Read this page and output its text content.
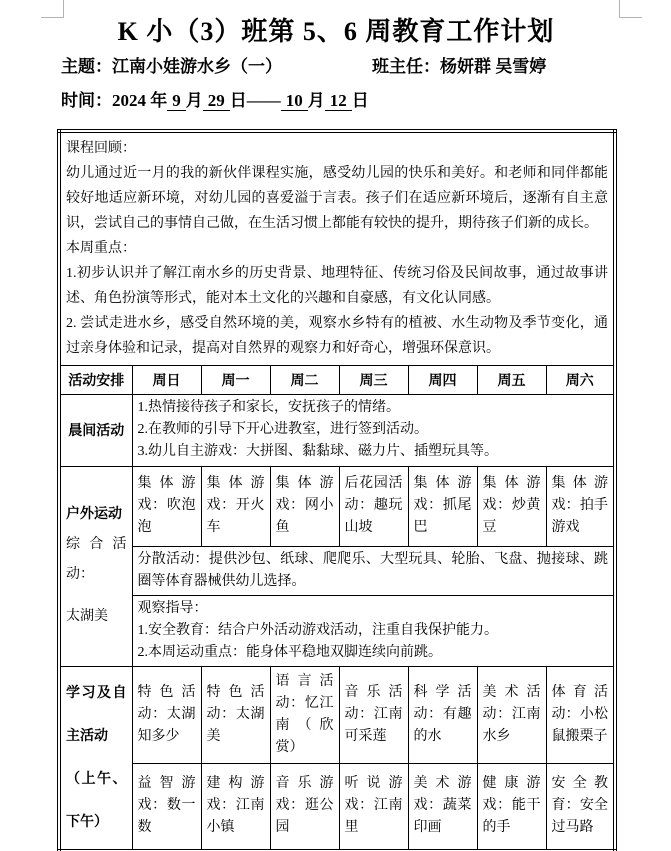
K 小（3）班第 5、6 周教育工作计划
主题：江南小娃游水乡（一）	班主任：杨妍群 吴雪婷
时间：2024 年 9 月 29 日—— 10 月 12 日

课程回顾：

幼儿通过近一月的我的新伙伴课程实施，感受幼儿园的快乐和美好。和老师和同伴都能较好地适应新环境，对幼儿园的喜爱溢于言表。孩子们在适应新环境后，逐渐有自主意识，尝试自己的事情自己做，在生活习惯上都能有较快的提升，期待孩子们新的成长。

本周重点：

1.初步认识并了解江南水乡的历史背景、地理特征、传统习俗及民间故事，通过故事讲述、角色扮演等形式，能对本土文化的兴趣和自豪感，有文化认同感。

2. 尝试走进水乡，感受自然环境的美，观察水乡特有的植被、水生动物及季节变化，通过亲身体验和记录，提高对自然界的观察力和好奇心，增强环保意识。							

活动安排	周日	周一	周二	周三	周四	周五	周六
晨间活动	1.热情接待孩子和家长，安抚孩子的情绪。

2.在教师的引导下开心进教室，进行签到活动。

3.幼儿自主游戏：大拼图、黏黏球、磁力片、插塑玩具等。						

户外运动

综合活动：

太湖美	集体游戏：吹泡泡	集体游戏：开火车	集体游戏：网小鱼	后花园活动：趣玩山坡	集体游戏：抓尾巴	集体游戏：炒黄豆	集体游戏：拍手游戏

	分散活动：提供沙包、纸球、爬爬乐、大型玩具、轮胎、飞盘、抛接球、跳圈等体育器械供幼儿选择。						

	观察指导：

1.安全教育：结合户外活动游戏活动，注重自我保护能力。

2.本周运动重点：能身体平稳地双脚连续向前跳。						

学习及自主活动

（上午、下午）	特色活动：太湖知多少	特色活动：太湖美	语言活动：忆江南（欣赏）	音乐活动：江南可采莲	科学活动：有趣的水	美术活动：江南水乡	体育活动：小松鼠搬栗子
	益智游戏：数一数	建构游戏：江南小镇	音乐游戏：逛公园	听说游戏：江南里	美术游戏：蔬菜印画	健康游戏：能干的手	安全教育：安全过马路
